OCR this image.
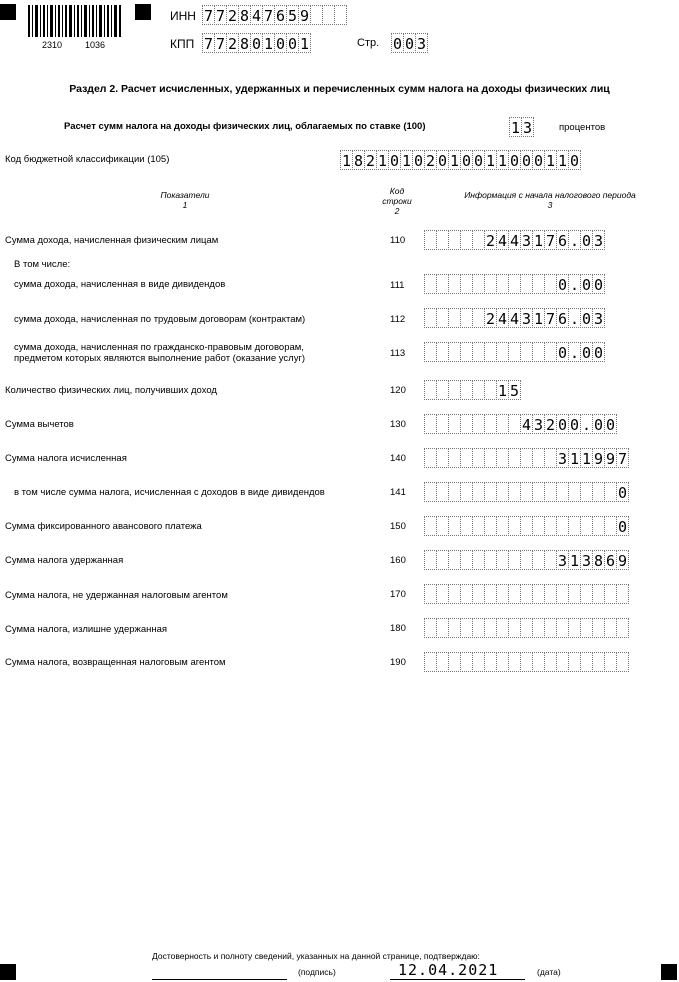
2310	1036
ИНН 7 7 2 8 4 7 6 5 9
КПП 7 7 2 8 0 1 0 0 1	Стр. 0 0 3
Раздел 2. Расчет исчисленных, удержанных и перечисленных сумм налога на доходы физических лиц
Расчет сумм налога на доходы физических лиц, облагаемых по ставке (100)	1 3	процентов
Код бюджетной классификации (105)	1 8 2 1 0 1 0 2 0 1 0 0 1 1 0 0 0 1 1 0
Показатели
1
Код
строки
2
Информация с начала налогового периода
3
Сумма дохода, начисленная физическим лицам	110	2 4 4 3 1 7 6 . 0 3
В том числе:
сумма дохода, начисленная в виде дивидендов	111	0 . 0 0
сумма дохода, начисленная по трудовым договорам (контрактам)	112	2 4 4 3 1 7 6 . 0 3
сумма дохода, начисленная по гражданско-правовым договорам,
предметом которых являются выполнение работ (оказание услуг)	113	0 . 0 0
Количество физических лиц, получивших доход	120	1 5
Сумма вычетов	130	4 3 2 0 0 . 0 0
Сумма налога исчисленная	140	3 1 1 9 9 7
в том числе сумма налога, исчисленная с доходов в виде дивидендов	141	0
Сумма фиксированного авансового платежа	150	0
Сумма налога удержанная	160	3 1 3 8 6 9
Сумма налога, не удержанная налоговым агентом	170
Сумма налога, излишне удержанная	180
Сумма налога, возвращенная налоговым агентом	190
Достоверность и полноту сведений, указанных на данной странице, подтверждаю:
(подпись)	12.04.2021	(дата)
